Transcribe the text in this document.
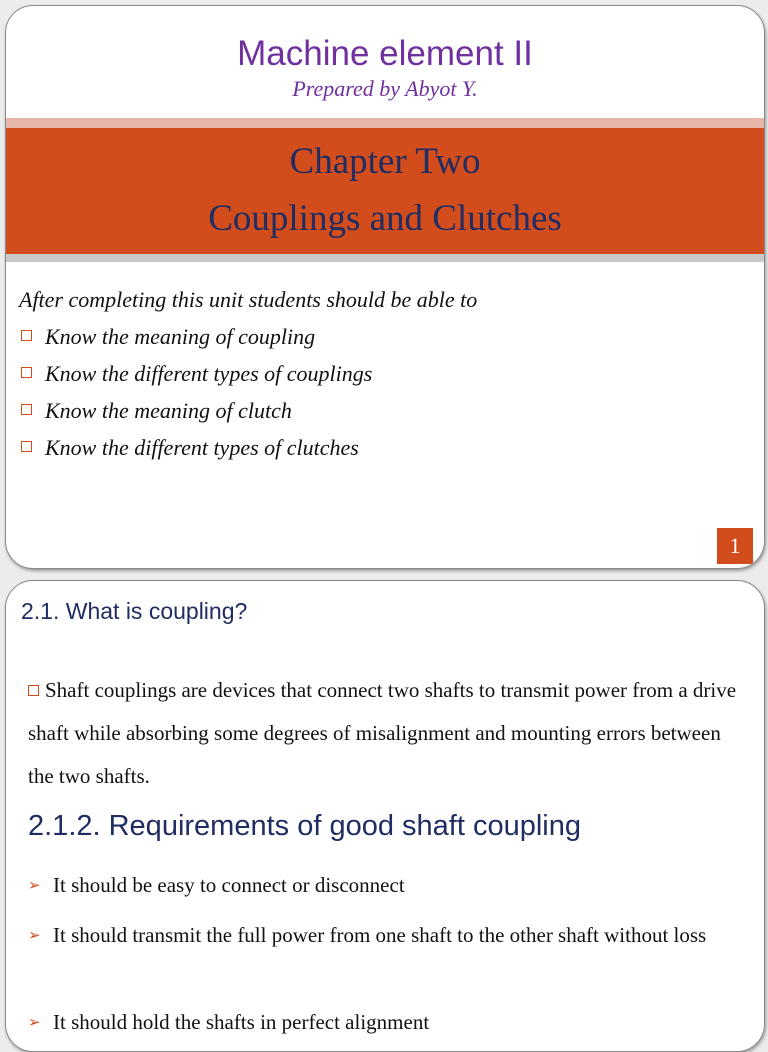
Machine element II
Prepared by Abyot Y.
Chapter Two
Couplings and Clutches
After completing this unit students should be able to
Know the meaning of coupling
Know the different types of couplings
Know the meaning of clutch
Know the different types of clutches
1
2.1. What is coupling?
Shaft couplings are devices that connect two shafts to transmit power from a drive shaft while absorbing some degrees of misalignment and mounting errors between the two shafts.
2.1.2. Requirements of good shaft coupling
➢ It should be easy to connect or disconnect
➢ It should transmit the full power from one shaft to the other shaft without loss
➢ It should hold the shafts in perfect alignment
